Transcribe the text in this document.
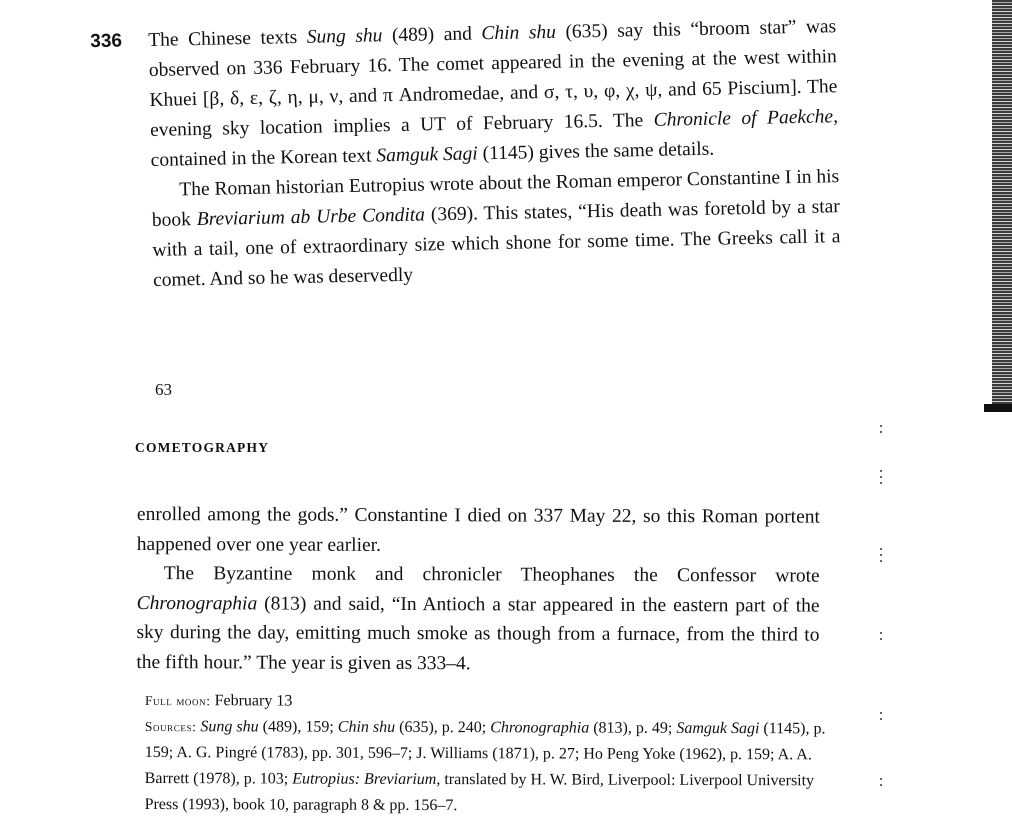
336 The Chinese texts Sung shu (489) and Chin shu (635) say this “broom star” was observed on 336 February 16. The comet appeared in the evening at the west within Khuei [β, δ, ε, ζ, η, μ, ν, and π Andromedae, and σ, τ, υ, φ, χ, ψ, and 65 Piscium]. The evening sky location implies a UT of February 16.5. The Chronicle of Paekche, contained in the Korean text Samguk Sagi (1145) gives the same details.

The Roman historian Eutropius wrote about the Roman emperor Constantine I in his book Breviarium ab Urbe Condita (369). This states, “His death was foretold by a star with a tail, one of extraordinary size which shone for some time. The Greeks call it a comet. And so he was deservedly

63
COMETOGRAPHY

enrolled among the gods.” Constantine I died on 337 May 22, so this Roman portent happened over one year earlier.

The Byzantine monk and chronicler Theophanes the Confessor wrote Chronographia (813) and said, “In Antioch a star appeared in the eastern part of the sky during the day, emitting much smoke as though from a furnace, from the third to the fifth hour.” The year is given as 333–4.

Full moon: February 13

Sources: Sung shu (489), 159; Chin shu (635), p. 240; Chronographia (813), p. 49; Samguk Sagi (1145), p. 159; A. G. Pingré (1783), pp. 301, 596–7; J. Williams (1871), p. 27; Ho Peng Yoke (1962), p. 159; A. A. Barrett (1978), p. 103; Eutropius: Breviarium, translated by H. W. Bird, Liverpool: Liverpool University Press (1993), book 10, paragraph 8 & pp. 156–7.
